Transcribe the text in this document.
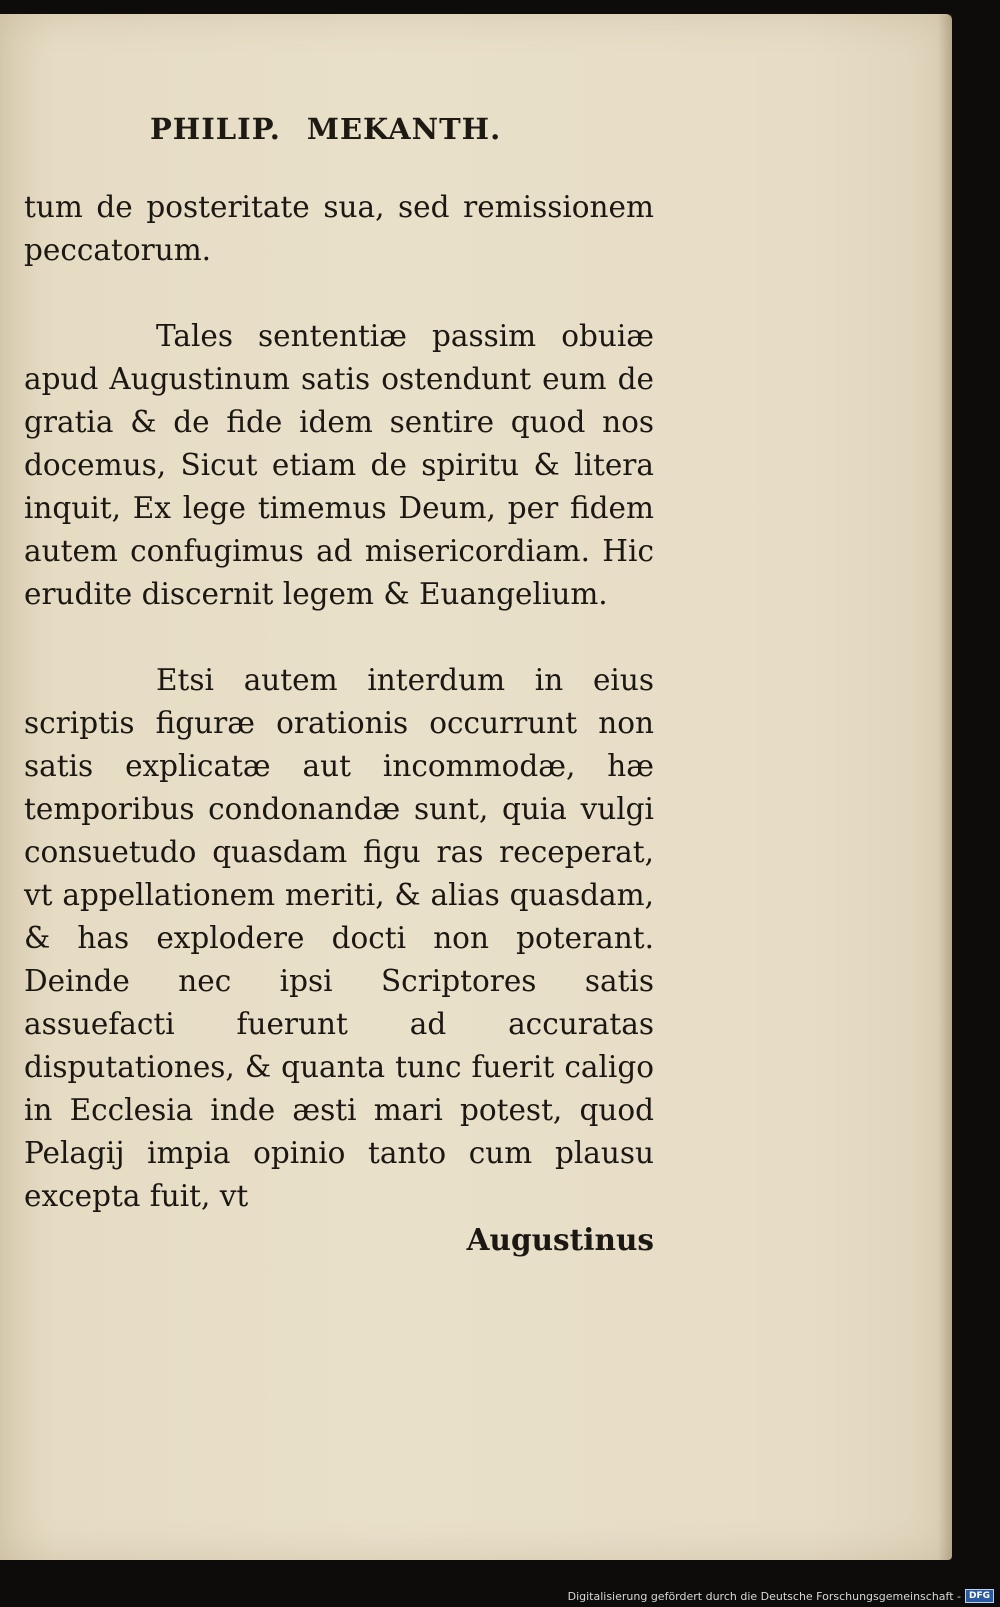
PHILIP. MEKANTH.

tum de posteritate sua, sed remissionem peccatorum.

Tales sententiæ passim obuiæ apud Augustinum satis ostendunt eum de gratia & de fide idem sentire quod nos docemus, Sicut etiam de spiritu & litera inquit, Ex lege timemus Deum, per fidem autem confugimus ad misericordiam. Hic erudite discernit legem & Euangelium.

Etsi autem interdum in eius scriptis figuræ orationis occurrunt non satis explicatæ aut incommodæ, hæ temporibus condonandæ sunt, quia vulgi consuetudo quasdam figu ras receperat, vt appellationem meriti, & alias quasdam, & has explodere docti non poterant. Deinde nec ipsi Scriptores satis assuefacti fuerunt ad accuratas disputationes, & quanta tunc fuerit caligo in Ecclesia inde æsti mari potest, quod Pelagij impia opinio tanto cum plausu excepta fuit, vt

Augustinus

Digitalisierung gefördert durch die Deutsche Forschungsgemeinschaft - DFG
